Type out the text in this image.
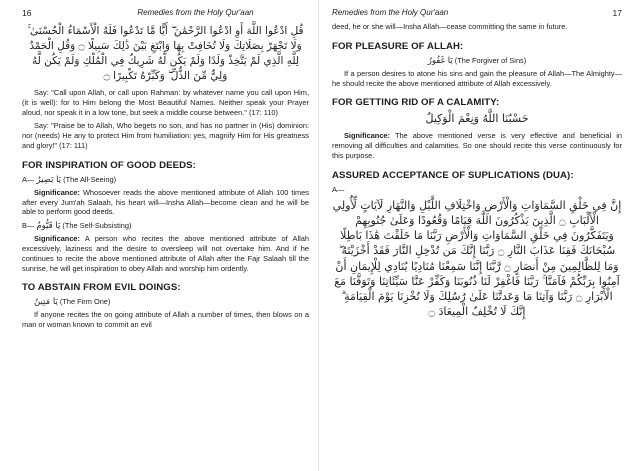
16	Remedies from the Holy Qur'aan
قُلِ ادْعُوا اللَّهَ أَوِ ادْعُوا الرَّحْمَٰنَ ۖ أَيًّا مَّا تَدْعُوا فَلَهُ الْأَسْمَاءُ الْحُسْنَىٰ ۚ وَلَا تَجْهَرْ بِصَلَاتِكَ وَلَا تُخَافِتْ بِهَا وَابْتَغِ بَيْنَ ذَٰلِكَ سَبِيلًا ۝ وَقُلِ الْحَمْدُ لِلَّهِ الَّذِي لَمْ يَتَّخِذْ وَلَدًا وَلَمْ يَكُن لَّهُ شَرِيكٌ فِي الْمُلْكِ وَلَمْ يَكُن لَّهُ وَلِيٌّ مِّنَ الذُّلِّ ۖ وَكَبِّرْهُ تَكْبِيرًا ۝

Say: "Call upon Allah, or call upon Rahman: by whatever name you call upon Him, (it is well): for to Him belong the Most Beautiful Names. Neither speak your Prayer aloud, nor speak it in a low tone, but seek a middle course between." (17: 110)

Say: "Praise be to Allah, Who begets no son, and has no partner in (His) dominion: nor (needs) He any to protect Him from humiliation: yes, magnify Him for His greatness and glory!" (17: 111)

FOR INSPIRATION OF GOOD DEEDS:
A— يَا بَصِيرُ (The All-Seeing)

Significance: Whosoever reads the above mentioned attribute of Allah 100 times after every Jum'ah Salaah, his heart will—Insha Allah—become clean and he will be able to perform good deeds.

B— يَا قَيُّومُ (The Self-Subsisting)

Significance: A person who recites the above mentioned attribute of Allah excessively, laziness and the desire to oversleep will not overtake him. And if he continues to recite the above mentioned attribute of Allah after the Fajr Salaah till the sunrise, he will get inspiration to obey Allah and worship him ordently.

TO ABSTAIN FROM EVIL DOINGS:
يَا مَتِينُ (The Firm One)

If anyone recites the on going attribute of Allah a number of times, then blows on a man or woman known to commit an evil

Remedies from the Holy Qur'aan	17

deed, he or she will—Insha Allah—cease committing the same in future.

FOR PLEASURE OF ALLAH:
يَا غَفُورُ (The Forgiver of Sins)

If a person desires to atone his sins and gain the pleasure of Allah—The Almighty—he should recite the above mentioned attribute of Allah excessively.

FOR GETTING RID OF A CALAMITY:
حَسْبُنَا اللَّهُ وَنِعْمَ الْوَكِيلُ

Significance: The above mentioned verse is very effective and beneficial in removing all difficulties and calamities. So one should recite this verse continuously for this purpose.

ASSURED ACCEPTANCE OF SUPLICATIONS (DUA):
A—
إِنَّ فِي خَلْقِ السَّمَاوَاتِ وَالْأَرْضِ وَاخْتِلَافِ اللَّيْلِ وَالنَّهَارِ لَآيَاتٍ لِّأُولِي الْأَلْبَابِ ۝ الَّذِينَ يَذْكُرُونَ اللَّهَ قِيَامًا وَقُعُودًا وَعَلَىٰ جُنُوبِهِمْ وَيَتَفَكَّرُونَ فِي خَلْقِ السَّمَاوَاتِ وَالْأَرْضِ رَبَّنَا مَا خَلَقْتَ هَٰذَا بَاطِلًا سُبْحَانَكَ فَقِنَا عَذَابَ النَّارِ ۝ رَبَّنَا إِنَّكَ مَن تُدْخِلِ النَّارَ فَقَدْ أَخْزَيْتَهُ ۖ وَمَا لِلظَّالِمِينَ مِنْ أَنصَارٍ ۝ رَّبَّنَا إِنَّنَا سَمِعْنَا مُنَادِيًا يُنَادِي لِلْإِيمَانِ أَنْ آمِنُوا بِرَبِّكُمْ فَآمَنَّا ۚ رَبَّنَا فَاغْفِرْ لَنَا ذُنُوبَنَا وَكَفِّرْ عَنَّا سَيِّئَاتِنَا وَتَوَفَّنَا مَعَ الْأَبْرَارِ ۝ رَبَّنَا وَآتِنَا مَا وَعَدتَّنَا عَلَىٰ رُسُلِكَ وَلَا تُخْزِنَا يَوْمَ الْقِيَامَةِ ۗ إِنَّكَ لَا تُخْلِفُ الْمِيعَادَ ۝
